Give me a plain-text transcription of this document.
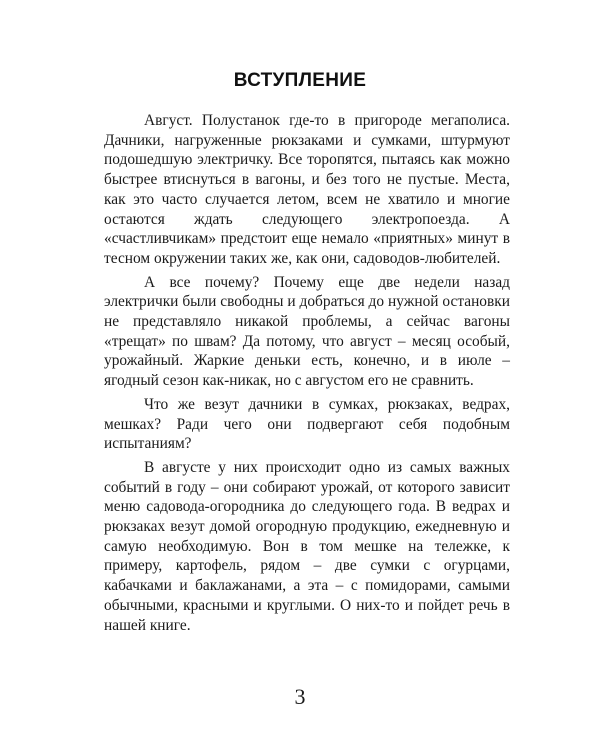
ВСТУПЛЕНИЕ

Август. Полустанок где-то в пригороде мегаполиса. Дачники, нагруженные рюкзаками и сумками, штурмуют подошедшую электричку. Все торопятся, пытаясь как можно быстрее втиснуться в вагоны, и без того не пустые. Места, как это часто случается летом, всем не хватило и многие остаются ждать следующего электропоезда. А «счастливчикам» предстоит еще немало «приятных» минут в тесном окружении таких же, как они, садоводов-любителей.

А все почему? Почему еще две недели назад электрички были свободны и добраться до нужной остановки не представляло никакой проблемы, а сейчас вагоны «трещат» по швам? Да потому, что август – месяц особый, урожайный. Жаркие деньки есть, конечно, и в июле – ягодный сезон как-никак, но с августом его не сравнить.

Что же везут дачники в сумках, рюкзаках, ведрах, мешках? Ради чего они подвергают себя подобным испытаниям?

В августе у них происходит одно из самых важных событий в году – они собирают урожай, от которого зависит меню садовода-огородника до следующего года. В ведрах и рюкзаках везут домой огородную продукцию, ежедневную и самую необходимую. Вон в том мешке на тележке, к примеру, картофель, рядом – две сумки с огурцами, кабачками и баклажанами, а эта – с помидорами, самыми обычными, красными и круглыми. О них-то и пойдет речь в нашей книге.

3
